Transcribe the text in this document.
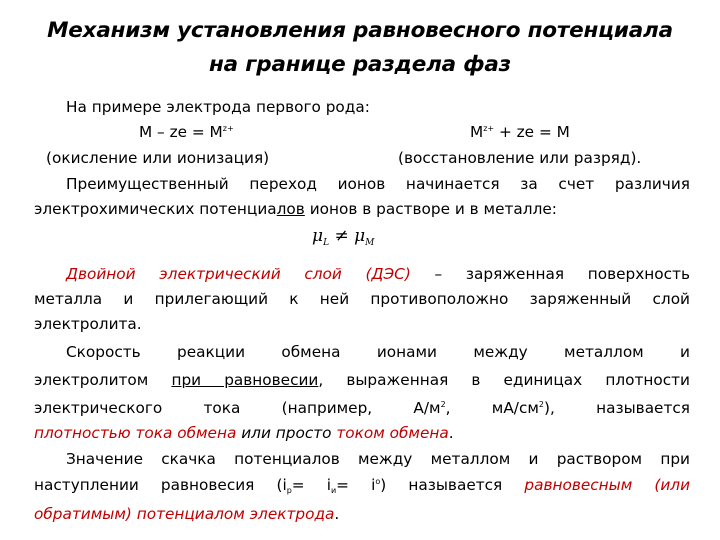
Механизм установления равновесного потенциала
на границе раздела фаз
На примере электрода первого рода:
M – ze = $M^{z+}$	$M^{z+}$ + ze = M
(окисление или ионизация)	(восстановление или разряд).
Преимущественный переход ионов начинается за счет различия
электрохимических потенциалов ионов в растворе и в металле:
$\mu_L \ne \mu_M$
Двойной электрический слой (ДЭС) – заряженная поверхность
металла и прилегающий к ней противоположно заряженный слой
электролита.
Скорость реакции обмена ионами между металлом и
электролитом при равновесии, выраженная в единицах плотности
электрического тока (например, $А/м^2$, $мА/см^2$), называется
плотностью тока обмена или просто током обмена.
Значение скачка потенциалов между металлом и раствором при
наступлении равновесия $(i_р= i_и= i^о)$ называется равновесным (или
обратимым) потенциалом электрода.
